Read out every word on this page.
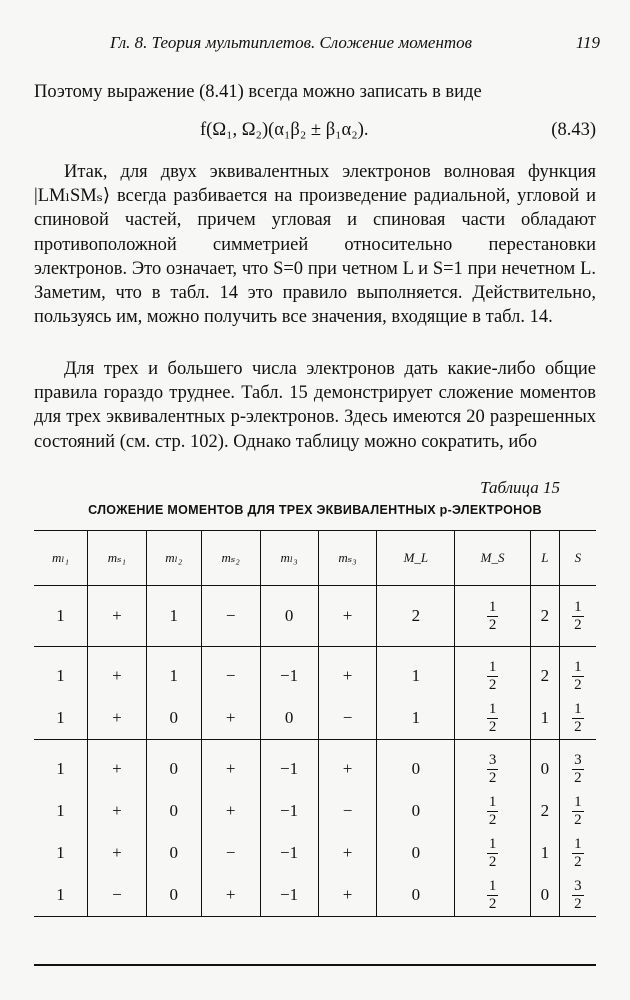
Гл. 8. Теория мультиплетов. Сложение моментов	119
Поэтому выражение (8.41) всегда можно записать в виде
f(Ω₁, Ω₂)(α₁β₂ ± β₁α₂).	(8.43)
Итак, для двух эквивалентных электронов волновая функция |LMₗSMₛ⟩ всегда разбивается на произведение радиальной, угловой и спиновой частей, причем угловая и спиновая части обладают противоположной симметрией относительно перестановки электронов. Это означает, что S=0 при четном L и S=1 при нечетном L. Заметим, что в табл. 14 это правило выполняется. Действительно, пользуясь им, можно получить все значения, входящие в табл. 14.
Для трех и большего числа электронов дать какие-либо общие правила гораздо труднее. Табл. 15 демонстрирует сложение моментов для трех эквивалентных p-электронов. Здесь имеются 20 разрешенных состояний (см. стр. 102). Однако таблицу можно сократить, ибо
Таблица 15
СЛОЖЕНИЕ МОМЕНТОВ ДЛЯ ТРЕХ ЭКВИВАЛЕНТНЫХ p-ЭЛЕКТРОНОВ
mₗ₁	mₛ₁	mₗ₂	mₛ₂	mₗ₃	mₛ₃	M_L	M_S	L	S
1	+	1	−	0	+	2	$\frac{1}{2}$	2	$\frac{1}{2}$

1	+	1	−	−1	+	1	$\frac{1}{2}$	2	$\frac{1}{2}$

1	+	0	+	0	−	1	$\frac{1}{2}$	1	$\frac{1}{2}$

1	+	0	+	−1	+	0	$\frac{3}{2}$	0	$\frac{3}{2}$

1	+	0	+	−1	−	0	$\frac{1}{2}$	2	$\frac{1}{2}$

1	+	0	−	−1	+	0	$\frac{1}{2}$	1	$\frac{1}{2}$

1	−	0	+	−1	+	0	$\frac{1}{2}$	0	$\frac{3}{2}$
